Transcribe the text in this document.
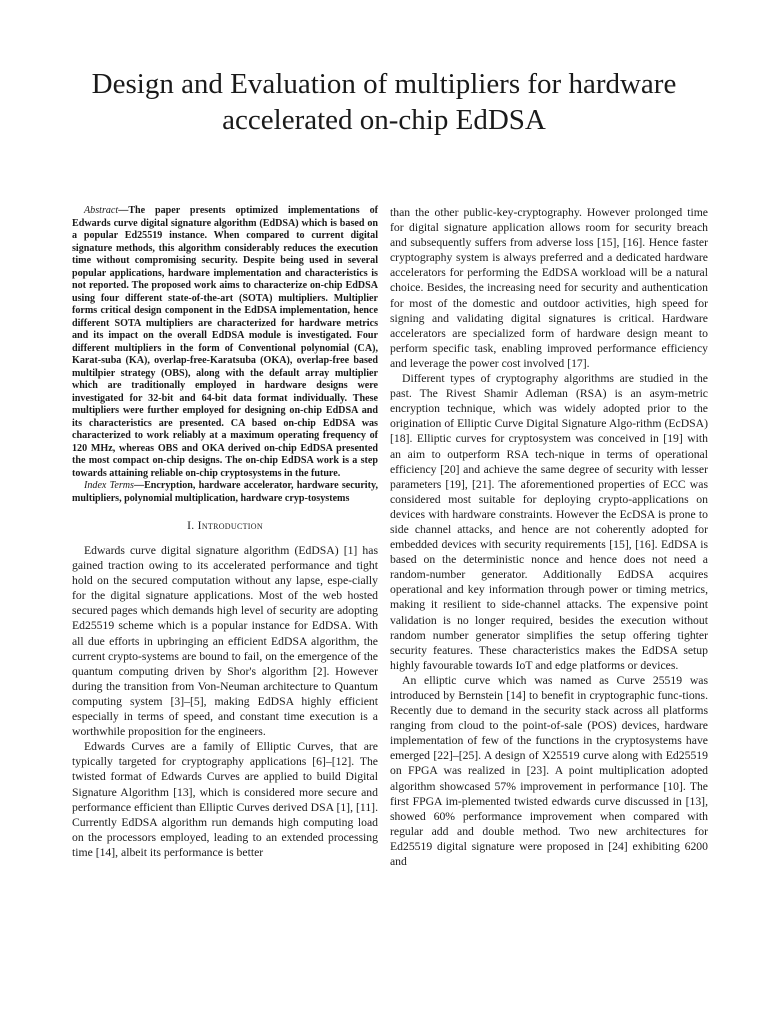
Design and Evaluation of multipliers for hardware
accelerated on-chip EdDSA

Abstract—The paper presents optimized implementations of Edwards curve digital signature algorithm (EdDSA) which is based on a popular Ed25519 instance. When compared to current digital signature methods, this algorithm considerably reduces the execution time without compromising security. Despite being used in several popular applications, hardware implementation and characteristics is not reported. The proposed work aims to characterize on-chip EdDSA using four different state-of-the-art (SOTA) multipliers. Multiplier forms critical design component in the EdDSA implementation, hence different SOTA multipliers are characterized for hardware metrics and its impact on the overall EdDSA module is investigated. Four different multipliers in the form of Conventional polynomial (CA), Karat-suba (KA), overlap-free-Karatsuba (OKA), overlap-free based multilpier strategy (OBS), along with the default array multiplier which are traditionally employed in hardware designs were investigated for 32-bit and 64-bit data format individually. These multipliers were further employed for designing on-chip EdDSA and its characteristics are presented. CA based on-chip EdDSA was characterized to work reliably at a maximum operating frequency of 120 MHz, whereas OBS and OKA derived on-chip EdDSA presented the most compact on-chip designs. The on-chip EdDSA work is a step towards attaining reliable on-chip cryptosystems in the future.

Index Terms—Encryption, hardware accelerator, hardware security, multipliers, polynomial multiplication, hardware cryp-tosystems

I. Introduction

Edwards curve digital signature algorithm (EdDSA) [1] has gained traction owing to its accelerated performance and tight hold on the secured computation without any lapse, espe-cially for the digital signature applications. Most of the web hosted secured pages which demands high level of security are adopting Ed25519 scheme which is a popular instance for EdDSA. With all due efforts in upbringing an efficient EdDSA algorithm, the current crypto-systems are bound to fail, on the emergence of the quantum computing driven by Shor's algorithm [2]. However during the transition from Von-Neuman architecture to Quantum computing system [3]–[5], making EdDSA highly efficient especially in terms of speed, and constant time execution is a worthwhile proposition for the engineers.

Edwards Curves are a family of Elliptic Curves, that are typically targeted for cryptography applications [6]–[12]. The twisted format of Edwards Curves are applied to build Digital Signature Algorithm [13], which is considered more secure and performance efficient than Elliptic Curves derived DSA [1], [11]. Currently EdDSA algorithm run demands high computing load on the processors employed, leading to an extended processing time [14], albeit its performance is better

than the other public-key-cryptography. However prolonged time for digital signature application allows room for security breach and subsequently suffers from adverse loss [15], [16]. Hence faster cryptography system is always preferred and a dedicated hardware accelerators for performing the EdDSA workload will be a natural choice. Besides, the increasing need for security and authentication for most of the domestic and outdoor activities, high speed for signing and validating digital signatures is critical. Hardware accelerators are specialized form of hardware design meant to perform specific task, enabling improved performance efficiency and leverage the power cost involved [17].

Different types of cryptography algorithms are studied in the past. The Rivest Shamir Adleman (RSA) is an asym-metric encryption technique, which was widely adopted prior to the origination of Elliptic Curve Digital Signature Algo-rithm (EcDSA) [18]. Elliptic curves for cryptosystem was conceived in [19] with an aim to outperform RSA tech-nique in terms of operational efficiency [20] and achieve the same degree of security with lesser parameters [19], [21]. The aforementioned properties of ECC was considered most suitable for deploying crypto-applications on devices with hardware constraints. However the EcDSA is prone to side channel attacks, and hence are not coherently adopted for embedded devices with security requirements [15], [16]. EdDSA is based on the deterministic nonce and hence does not need a random-number generator. Additionally EdDSA acquires operational and key information through power or timing metrics, making it resilient to side-channel attacks. The expensive point validation is no longer required, besides the execution without random number generator simplifies the setup offering tighter security features. These characteristics makes the EdDSA setup highly favourable towards IoT and edge platforms or devices.

An elliptic curve which was named as Curve 25519 was introduced by Bernstein [14] to benefit in cryptographic func-tions. Recently due to demand in the security stack across all platforms ranging from cloud to the point-of-sale (POS) devices, hardware implementation of few of the functions in the cryptosystems have emerged [22]–[25]. A design of X25519 curve along with Ed25519 on FPGA was realized in [23]. A point multiplication adopted algorithm showcased 57% improvement in performance [10]. The first FPGA im-plemented twisted edwards curve discussed in [13], showed 60% performance improvement when compared with regular add and double method. Two new architectures for Ed25519 digital signature were proposed in [24] exhibiting 6200 and
